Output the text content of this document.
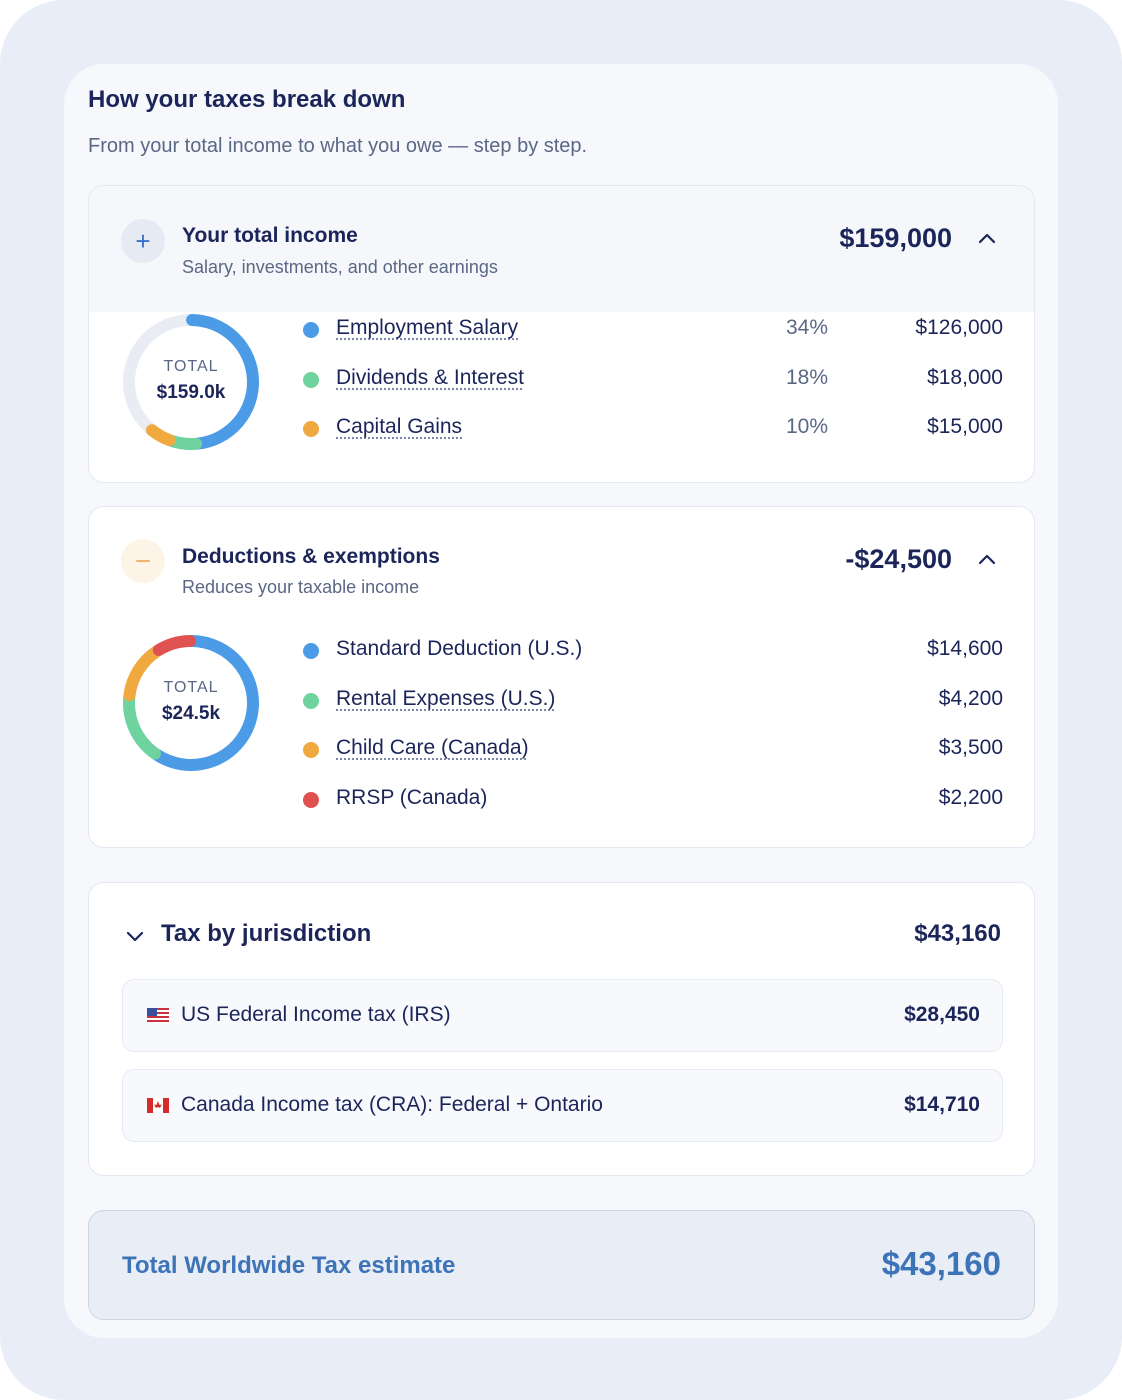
How your taxes break down
From your total income to what you owe — step by step.
+	Your total income
Salary, investments, and other earnings
$159,000
TOTAL
$159.0k
Employment Salary	34%	$126,000
Dividends & Interest	18%	$18,000
Capital Gains	10%	$15,000
Deductions & exemptions
Reduces your taxable income
-$24,500
TOTAL
$24.5k
Standard Deduction (U.S.)	$14,600
Rental Expenses (U.S.)	$4,200
Child Care (Canada)	$3,500
RRSP (Canada)	$2,200
Tax by jurisdiction	$43,160
US Federal Income tax (IRS)	$28,450
Canada Income tax (CRA): Federal + Ontario	$14,710
Total Worldwide Tax estimate	$43,160
